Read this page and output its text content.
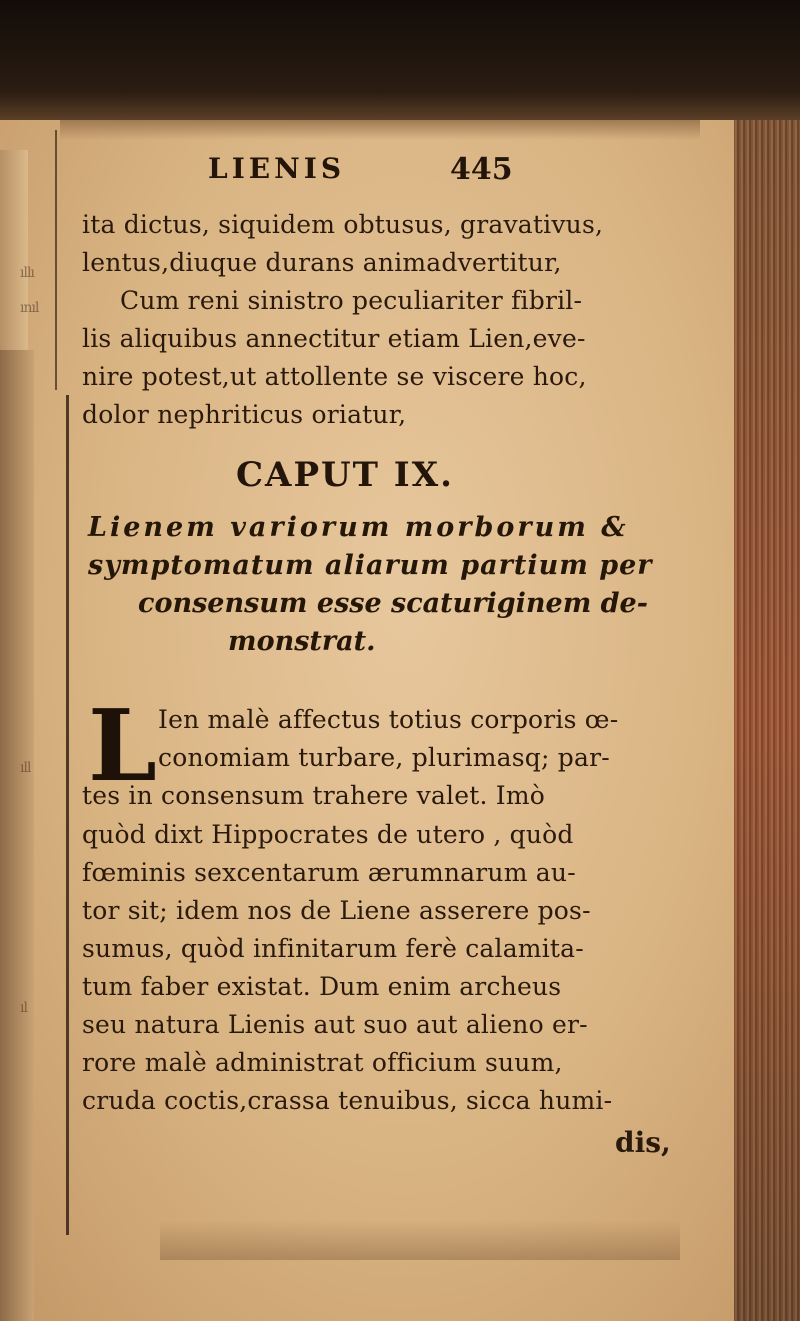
ıllı
ınıl
ıll
ıl
LIENIS	445
ita dictus, siquidem obtusus, gravativus,
lentus,diuque durans animadvertitur,
Cum reni sinistro peculiariter fibril-
lis aliquibus annectitur etiam Lien,eve-
nire potest,ut attollente se viscere hoc,
dolor nephriticus oriatur,
CAPUT IX.
Lienem variorum morborum &
symptomatum aliarum partium per
consensum esse scaturiginem de-
monstrat.
L Ien malè affectus totius corporis œ-
conomiam turbare, plurimasq; par-
tes in consensum trahere valet. Imò
quòd dixt Hippocrates de utero , quòd
fœminis sexcentarum ærumnarum au-
tor sit; idem nos de Liene asserere pos-
sumus, quòd infinitarum ferè calamita-
tum faber existat. Dum enim archeus
seu natura Lienis aut suo aut alieno er-
rore malè administrat officium suum,
cruda coctis,crassa tenuibus, sicca humi-
dis,
